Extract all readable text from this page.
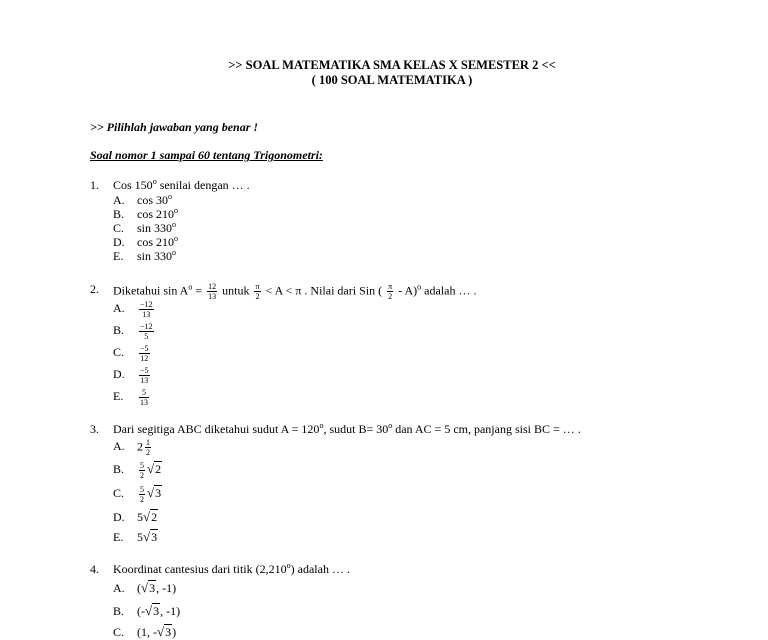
>> SOAL MATEMATIKA SMA KELAS X SEMESTER 2 <<
( 100 SOAL MATEMATIKA )
>> Pilihlah jawaban yang benar !
Soal nomor 1 sampai 60 tentang Trigonometri:
1. Cos 150$^o$ senilai dengan … .
A. cos 30$^o$
B. cos 210$^o$
C. sin 330$^o$
D. cos 210$^o$
E. sin 330$^o$
2. Diketahui $\sin A^o = \frac{12}{13}$ untuk $\frac{\pi}{2} < A < \pi$ . Nilai dari Sin ( $\frac{\pi}{2} - A)^o$ adalah … .
A. $\frac{-12}{13}$
B. $\frac{-12}{5}$
C. $\frac{-5}{12}$
D. $\frac{-5}{13}$
E. $\frac{5}{13}$
3. Dari segitiga ABC diketahui sudut $A = 120^o$, sudut $B= 30^o$ dan AC = 5 cm, panjang sisi BC = … .
A. $2 \frac{1}{2}$
B. $\frac{5}{2} √2$
C. $\frac{5}{2} √3$
D. 5√2
E. 5√3
4. Koordinat cantesius dari titik (2,210$^o$) adalah … .
A. (√3, -1)
B. (-√3, -1)
C. (1, -√3)
